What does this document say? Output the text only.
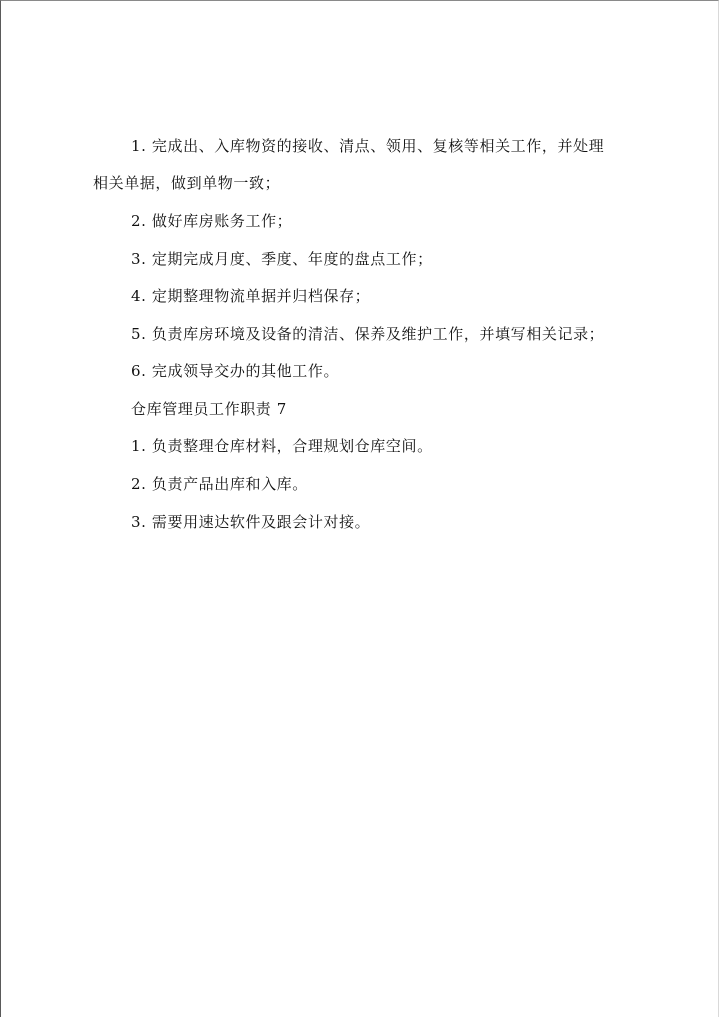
1. 完成出、入库物资的接收、清点、领用、复核等相关工作，并处理
相关单据，做到单物一致；
2. 做好库房账务工作；
3. 定期完成月度、季度、年度的盘点工作；
4. 定期整理物流单据并归档保存；
5. 负责库房环境及设备的清洁、保养及维护工作，并填写相关记录；
6. 完成领导交办的其他工作。
仓库管理员工作职责 7
1. 负责整理仓库材料，合理规划仓库空间。
2. 负责产品出库和入库。
3. 需要用速达软件及跟会计对接。
